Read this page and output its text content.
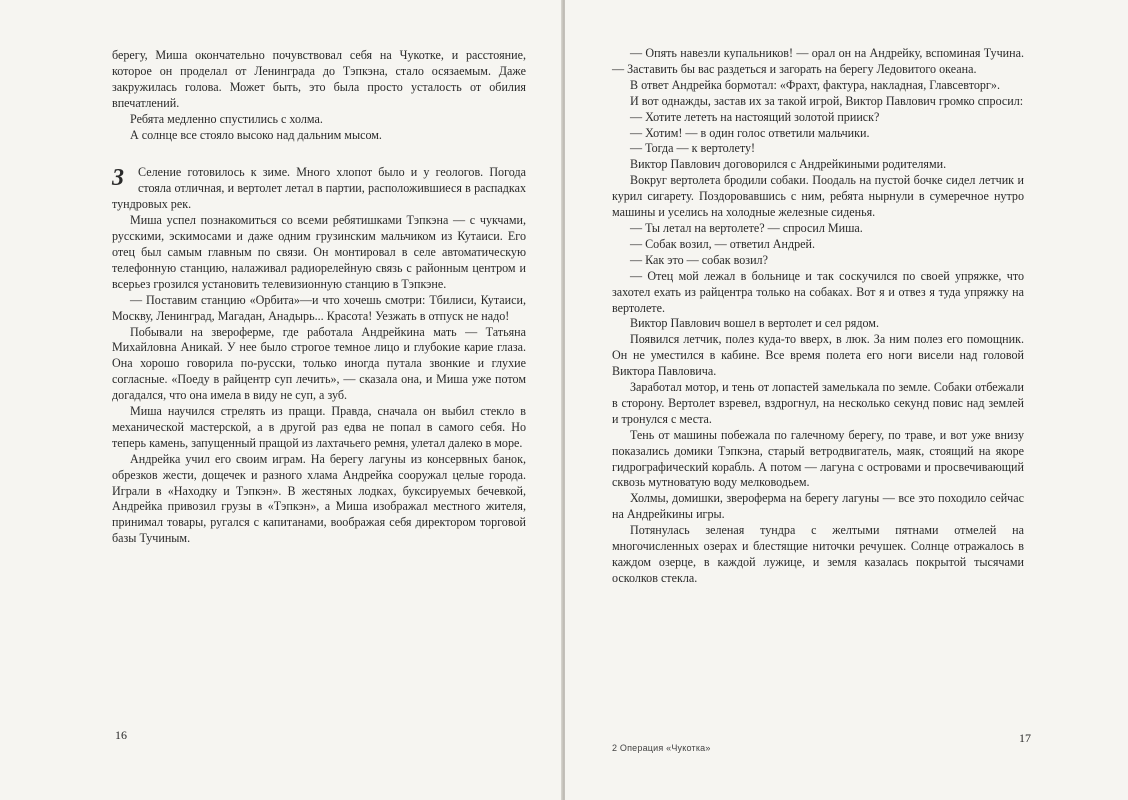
берегу, Миша окончательно почувствовал себя на Чукотке, и расстояние, которое он проделал от Ленинграда до Тэпкэна, стало осязаемым. Даже закружилась голова. Может быть, это была просто усталость от обилия впечатлений.

Ребята медленно спустились с холма.

А солнце все стояло высоко над дальним мысом.

3	Селение готовилось к зиме. Много хлопот было и у геологов. Погода стояла отличная, и вертолет летал в партии, расположившиеся в распадках тундровых рек.

Миша успел познакомиться со всеми ребятишками Тэпкэна — с чукчами, русскими, эскимосами и даже одним грузинским мальчиком из Кутаиси. Его отец был самым главным по связи. Он монтировал в селе автоматическую телефонную станцию, налаживал радиорелейную связь с районным центром и всерьез грозился установить телевизионную станцию в Тэпкэне.

— Поставим станцию «Орбита»—и что хочешь смотри: Тбилиси, Кутаиси, Москву, Ленинград, Магадан, Анадырь... Красота! Уезжать в отпуск не надо!

Побывали на звероферме, где работала Андрейкина мать — Татьяна Михайловна Аникай. У нее было строгое темное лицо и глубокие карие глаза. Она хорошо говорила по-русски, только иногда путала звонкие и глухие согласные. «Поеду в райцентр суп лечить», — сказала она, и Миша уже потом догадался, что она имела в виду не суп, а зуб.

Миша научился стрелять из пращи. Правда, сначала он выбил стекло в механической мастерской, а в другой раз едва не попал в самого себя. Но теперь камень, запущенный пращой из лахтачьего ремня, улетал далеко в море.

Андрейка учил его своим играм. На берегу лагуны из консервных банок, обрезков жести, дощечек и разного хлама Андрейка сооружал целые города. Играли в «Находку и Тэпкэн». В жестяных лодках, буксируемых бечевкой, Андрейка привозил грузы в «Тэпкэн», а Миша изображал местного жителя, принимал товары, ругался с капитанами, воображая себя директором торговой базы Тучиным.

16

— Опять навезли купальников! — орал он на Андрейку, вспоминая Тучина. — Заставить бы вас раздеться и загорать на берегу Ледовитого океана.

В ответ Андрейка бормотал: «Фрахт, фактура, накладная, Главсевторг».

И вот однажды, застав их за такой игрой, Виктор Павлович громко спросил:

— Хотите лететь на настоящий золотой прииск?

— Хотим! — в один голос ответили мальчики.

— Тогда — к вертолету!

Виктор Павлович договорился с Андрейкиными родителями.

Вокруг вертолета бродили собаки. Поодаль на пустой бочке сидел летчик и курил сигарету. Поздоровавшись с ним, ребята нырнули в сумеречное нутро машины и уселись на холодные железные сиденья.

— Ты летал на вертолете? — спросил Миша.

— Собак возил, — ответил Андрей.

— Как это — собак возил?

— Отец мой лежал в больнице и так соскучился по своей упряжке, что захотел ехать из райцентра только на собаках. Вот я и отвез я туда упряжку на вертолете.

Виктор Павлович вошел в вертолет и сел рядом.

Появился летчик, полез куда-то вверх, в люк. За ним полез его помощник. Он не уместился в кабине. Все время полета его ноги висели над головой Виктора Павловича.

Заработал мотор, и тень от лопастей замелькала по земле. Собаки отбежали в сторону. Вертолет взревел, вздрогнул, на несколько секунд повис над землей и тронулся с места.

Тень от машины побежала по галечному берегу, по траве, и вот уже внизу показались домики Тэпкэна, старый ветродвигатель, маяк, стоящий на якоре гидрографический корабль. А потом — лагуна с островами и просвечивающий сквозь мутноватую воду мелководьем.

Холмы, домишки, звероферма на берегу лагуны — все это походило сейчас на Андрейкины игры.

Потянулась зеленая тундра с желтыми пятнами отмелей на многочисленных озерах и блестящие ниточки речушек. Солнце отражалось в каждом озерце, в каждой лужице, и земля казалась покрытой тысячами осколков стекла.

2 Операция «Чукотка»
17
